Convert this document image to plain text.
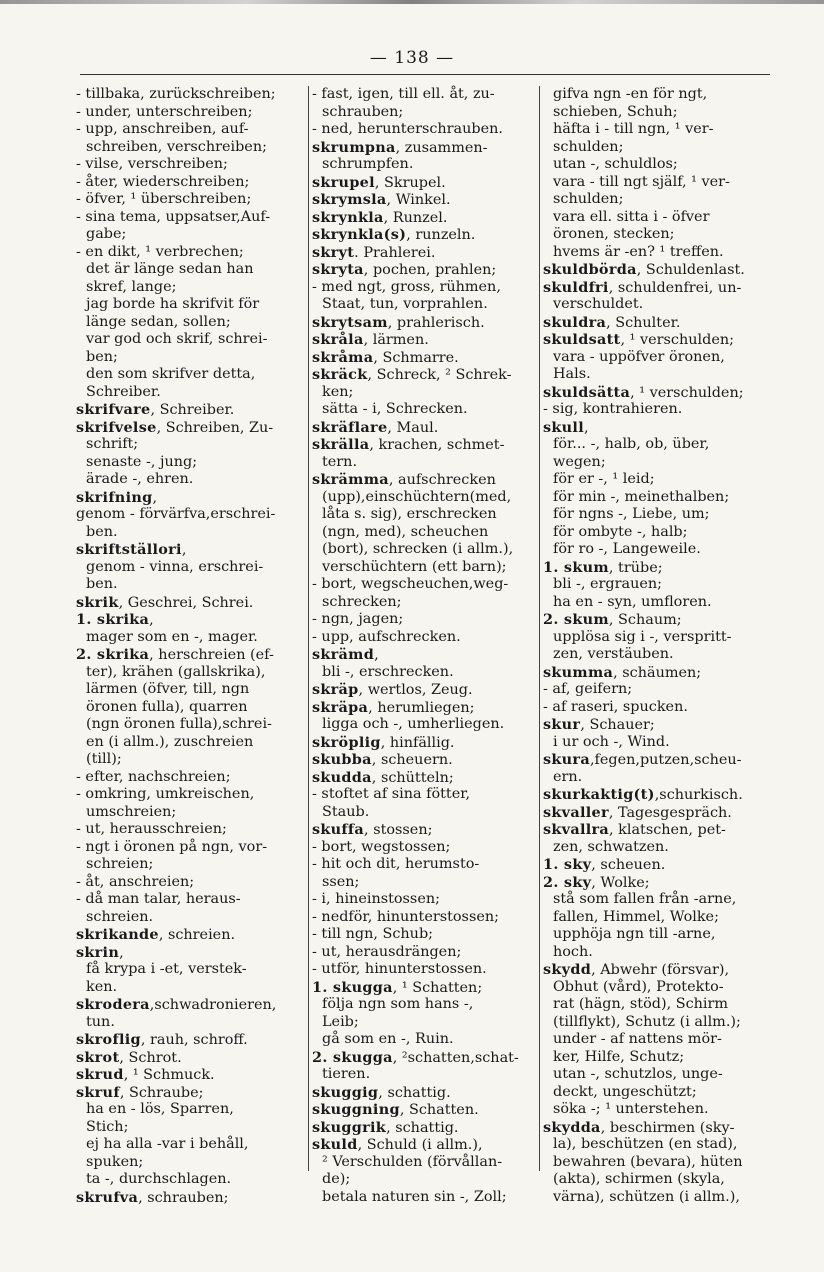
— 138 —
- tillbaka, zurückschreiben;
- under, unterschreiben;
- upp, anschreiben, auf-
schreiben, verschreiben;
- vilse, verschreiben;
- åter, wiederschreiben;
- öfver, ¹ überschreiben;
- sina tema, uppsatser,Auf-
gabe;
- en dikt, ¹ verbrechen;
det är länge sedan han
skref, lange;
jag borde ha skrifvit för
länge sedan, sollen;
var god och skrif, schrei-
ben;
den som skrifver detta,
Schreiber.
skrifvare, Schreiber.
skrifvelse, Schreiben, Zu-
schrift;
senaste -, jung;
ärade -, ehren.
skrifning,
genom - förvärfva,erschrei-
ben.
skriftställori,
genom - vinna, erschrei-
ben.
skrik, Geschrei, Schrei.
1. skrika,
mager som en -, mager.
2. skrika, herschreien (ef-
ter), krähen (gallskrika),
lärmen (öfver, till, ngn
öronen fulla), quarren
(ngn öronen fulla),schrei-
en (i allm.), zuschreien
(till);
- efter, nachschreien;
- omkring, umkreischen,
umschreien;
- ut, herausschreien;
- ngt i öronen på ngn, vor-
schreien;
- åt, anschreien;
- då man talar, heraus-
schreien.
skrikande, schreien.
skrin,
få krypa i -et, verstek-
ken.
skrodera,schwadronieren,
tun.
skroflig, rauh, schroff.
skrot, Schrot.
skrud, ¹ Schmuck.
skruf, Schraube;
ha en - lös, Sparren,
Stich;
ej ha alla -var i behåll,
spuken;
ta -, durchschlagen.
skrufva, schrauben;
- fast, igen, till ell. åt, zu-
schrauben;
- ned, herunterschrauben.
skrumpna, zusammen-
schrumpfen.
skrupel, Skrupel.
skrymsla, Winkel.
skrynkla, Runzel.
skrynkla(s), runzeln.
skryt. Prahlerei.
skryta, pochen, prahlen;
- med ngt, gross, rühmen,
Staat, tun, vorprahlen.
skrytsam, prahlerisch.
skråla, lärmen.
skråma, Schmarre.
skräck, Schreck, ² Schrek-
ken;
sätta - i, Schrecken.
skräflare, Maul.
skrälla, krachen, schmet-
tern.
skrämma, aufschrecken
(upp),einschüchtern(med,
låta s. sig), erschrecken
(ngn, med), scheuchen
(bort), schrecken (i allm.),
verschüchtern (ett barn);
- bort, wegscheuchen,weg-
schrecken;
- ngn, jagen;
- upp, aufschrecken.
skrämd,
bli -, erschrecken.
skräp, wertlos, Zeug.
skräpa, herumliegen;
ligga och -, umherliegen.
skröplig, hinfällig.
skubba, scheuern.
skudda, schütteln;
- stoftet af sina fötter,
Staub.
skuffa, stossen;
- bort, wegstossen;
- hit och dit, herumsto-
ssen;
- i, hineinstossen;
- nedför, hinunterstossen;
- till ngn, Schub;
- ut, herausdrängen;
- utför, hinunterstossen.
1. skugga, ¹ Schatten;
följa ngn som hans -,
Leib;
gå som en -, Ruin.
2. skugga, ²schatten,schat-
tieren.
skuggig, schattig.
skuggning, Schatten.
skuggrik, schattig.
skuld, Schuld (i allm.),
² Verschulden (förvållan-
de);
betala naturen sin -, Zoll;
gifva ngn -en för ngt,
schieben, Schuh;
häfta i - till ngn, ¹ ver-
schulden;
utan -, schuldlos;
vara - till ngt själf, ¹ ver-
schulden;
vara ell. sitta i - öfver
öronen, stecken;
hvems är -en? ¹ treffen.
skuldbörda, Schuldenlast.
skuldfri, schuldenfrei, un-
verschuldet.
skuldra, Schulter.
skuldsatt, ¹ verschulden;
vara - uppöfver öronen,
Hals.
skuldsätta, ¹ verschulden;
- sig, kontrahieren.
skull,
för... -, halb, ob, über,
wegen;
för er -, ¹ leid;
för min -, meinethalben;
för ngns -, Liebe, um;
för ombyte -, halb;
för ro -, Langeweile.
1. skum, trübe;
bli -, ergrauen;
ha en - syn, umfloren.
2. skum, Schaum;
upplösa sig i -, verspritt-
zen, verstäuben.
skumma, schäumen;
- af, geifern;
- af raseri, spucken.
skur, Schauer;
i ur och -, Wind.
skura,fegen,putzen,scheu-
ern.
skurkaktig(t),schurkisch.
skvaller, Tagesgespräch.
skvallra, klatschen, pet-
zen, schwatzen.
1. sky, scheuen.
2. sky, Wolke;
stå som fallen från -arne,
fallen, Himmel, Wolke;
upphöja ngn till -arne,
hoch.
skydd, Abwehr (försvar),
Obhut (vård), Protekto-
rat (hägn, stöd), Schirm
(tillflykt), Schutz (i allm.);
under - af nattens mör-
ker, Hilfe, Schutz;
utan -, schutzlos, unge-
deckt, ungeschützt;
söka -; ¹ unterstehen.
skydda, beschirmen (sky-
la), beschützen (en stad),
bewahren (bevara), hüten
(akta), schirmen (skyla,
värna), schützen (i allm.),
